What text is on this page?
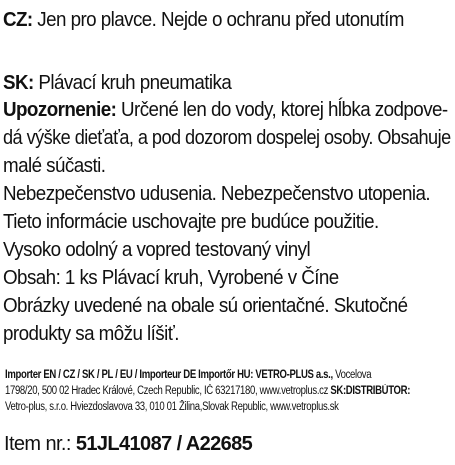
CZ: Jen pro plavce. Nejde o ochranu před utonutím
SK: Plávací kruh pneumatika
Upozornenie: Určené len do vody, ktorej hĺbka zodpove-
dá výške dieťaťa, a pod dozorom dospelej osoby. Obsahuje
malé súčasti.
Nebezpečenstvo udusenia. Nebezpečenstvo utopenia.
Tieto informácie uschovajte pre budúce použitie.
Vysoko odolný a vopred testovaný vinyl
Obsah: 1 ks Plávací kruh, Vyrobené v Číne
Obrázky uvedené na obale sú orientačné. Skutočné
produkty sa môžu líšiť.
Importer EN / CZ / SK / PL / EU / Importeur DE Importőr HU: VETRO-PLUS a.s., Vocelova
1798/20, 500 02 Hradec Králové, Czech Republic, IČ 63217180, www.vetroplus.cz SK:DISTRIBÚTOR:
Vetro-plus, s.r.o. Hviezdoslavova 33, 010 01 Žilina,Slovak Republic, www.vetroplus.sk
Item nr.: 51JL41087 / A22685
